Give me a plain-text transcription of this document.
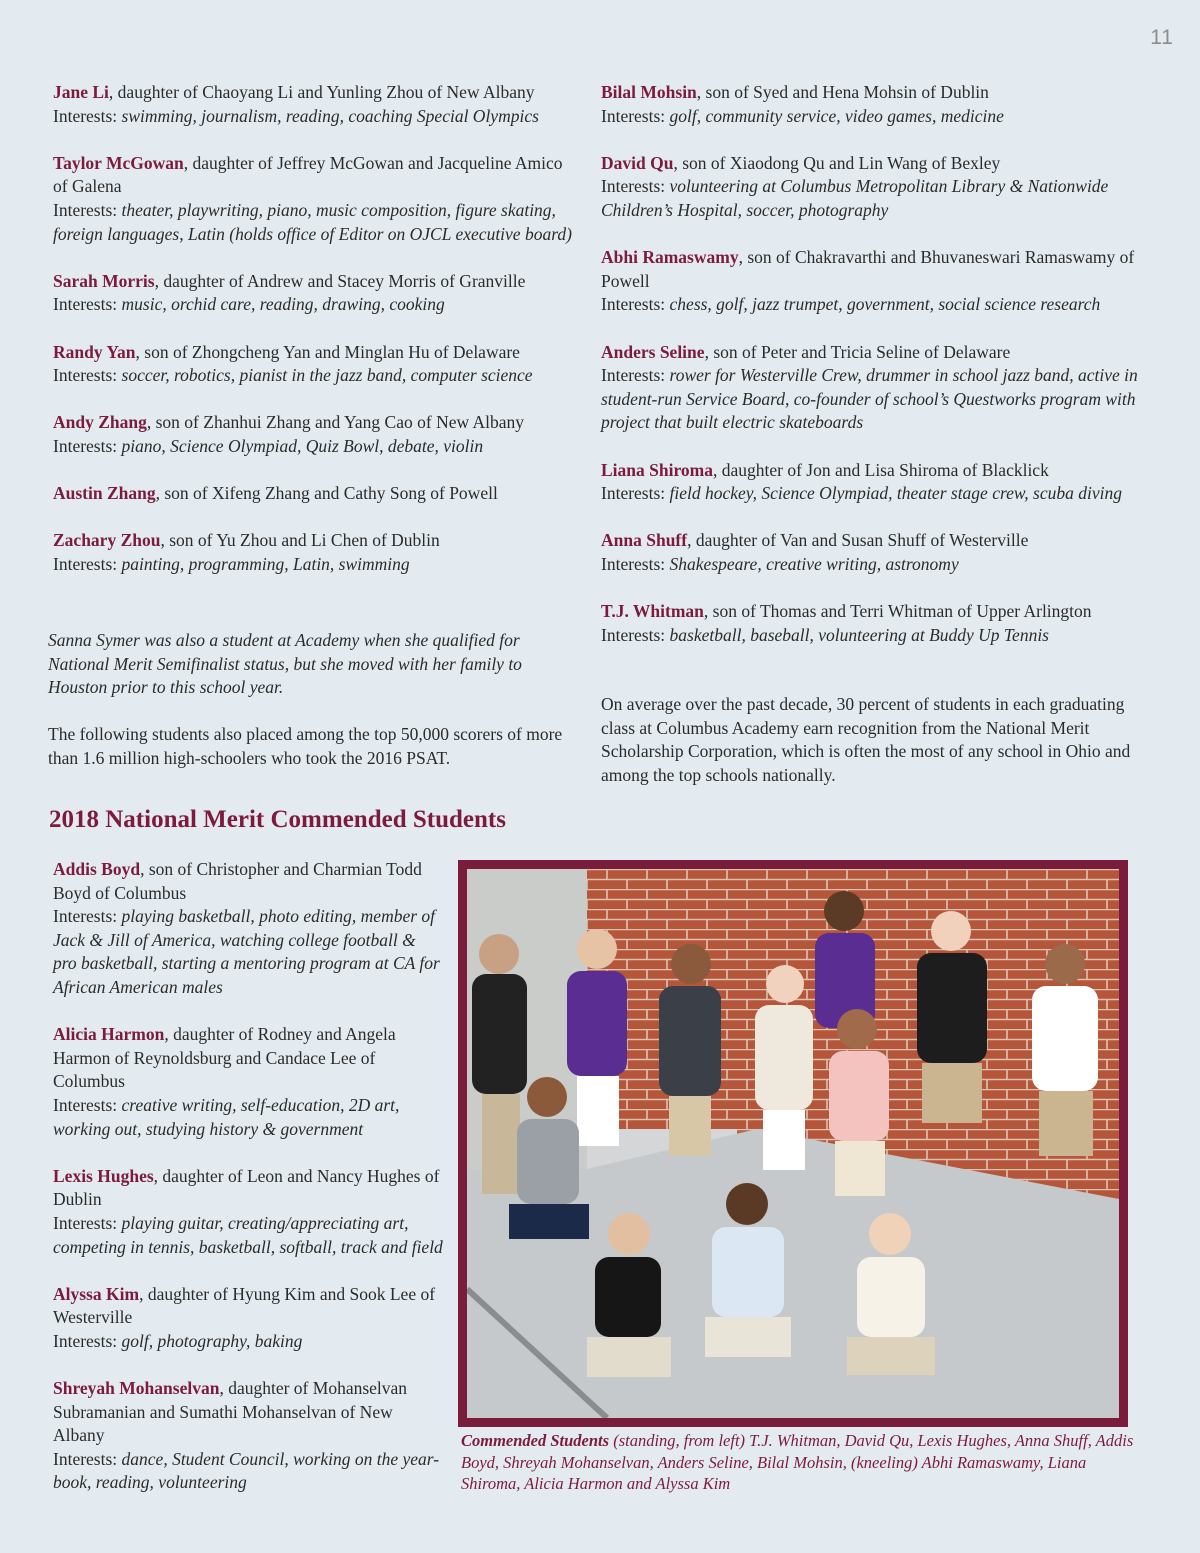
11
Jane Li, daughter of Chaoyang Li and Yunling Zhou of New Albany
Interests: swimming, journalism, reading, coaching Special Olympics
Taylor McGowan, daughter of Jeffrey McGowan and Jacqueline Amico of Galena
Interests: theater, playwriting, piano, music composition, figure skating, foreign languages, Latin (holds office of Editor on OJCL executive board)
Sarah Morris, daughter of Andrew and Stacey Morris of Granville
Interests: music, orchid care, reading, drawing, cooking
Randy Yan, son of Zhongcheng Yan and Minglan Hu of Delaware
Interests: soccer, robotics, pianist in the jazz band, computer science
Andy Zhang, son of Zhanhui Zhang and Yang Cao of New Albany
Interests: piano, Science Olympiad, Quiz Bowl, debate, violin
Austin Zhang, son of Xifeng Zhang and Cathy Song of Powell
Zachary Zhou, son of Yu Zhou and Li Chen of Dublin
Interests: painting, programming, Latin, swimming
Sanna Symer was also a student at Academy when she qualified for National Merit Semifinalist status, but she moved with her family to Houston prior to this school year.
The following students also placed among the top 50,000 scorers of more than 1.6 million high-schoolers who took the 2016 PSAT.
Bilal Mohsin, son of Syed and Hena Mohsin of Dublin
Interests: golf, community service, video games, medicine
David Qu, son of Xiaodong Qu and Lin Wang of Bexley
Interests: volunteering at Columbus Metropolitan Library & Nationwide Children’s Hospital, soccer, photography
Abhi Ramaswamy, son of Chakravarthi and Bhuvaneswari Ramaswamy of Powell
Interests: chess, golf, jazz trumpet, government, social science research
Anders Seline, son of Peter and Tricia Seline of Delaware
Interests: rower for Westerville Crew, drummer in school jazz band, active in student-run Service Board, co-founder of school’s Questworks program with project that built electric skateboards
Liana Shiroma, daughter of Jon and Lisa Shiroma of Blacklick
Interests: field hockey, Science Olympiad, theater stage crew, scuba diving
Anna Shuff, daughter of Van and Susan Shuff of Westerville
Interests: Shakespeare, creative writing, astronomy
T.J. Whitman, son of Thomas and Terri Whitman of Upper Arlington
Interests: basketball, baseball, volunteering at Buddy Up Tennis
On average over the past decade, 30 percent of students in each graduating class at Columbus Academy earn recognition from the National Merit Scholarship Corporation, which is often the most of any school in Ohio and among the top schools nationally.
2018 National Merit Commended Students
Addis Boyd, son of Christopher and Charmian Todd Boyd of Columbus
Interests: playing basketball, photo editing, member of Jack & Jill of America, watching college football & pro basketball, starting a mentoring program at CA for African American males
Alicia Harmon, daughter of Rodney and Angela Harmon of Reynoldsburg and Candace Lee of Columbus
Interests: creative writing, self-education, 2D art, working out, studying history & government
Lexis Hughes, daughter of Leon and Nancy Hughes of Dublin
Interests: playing guitar, creating/appreciating art, competing in tennis, basketball, softball, track and field
Alyssa Kim, daughter of Hyung Kim and Sook Lee of Westerville
Interests: golf, photography, baking
Shreyah Mohanselvan, daughter of Mohanselvan Subramanian and Sumathi Mohanselvan of New Albany
Interests: dance, Student Council, working on the year-book, reading, volunteering
Commended Students (standing, from left) T.J. Whitman, David Qu, Lexis Hughes, Anna Shuff, Addis Boyd, Shreyah Mohanselvan, Anders Seline, Bilal Mohsin, (kneeling) Abhi Ramaswamy, Liana Shiroma, Alicia Harmon and Alyssa Kim
